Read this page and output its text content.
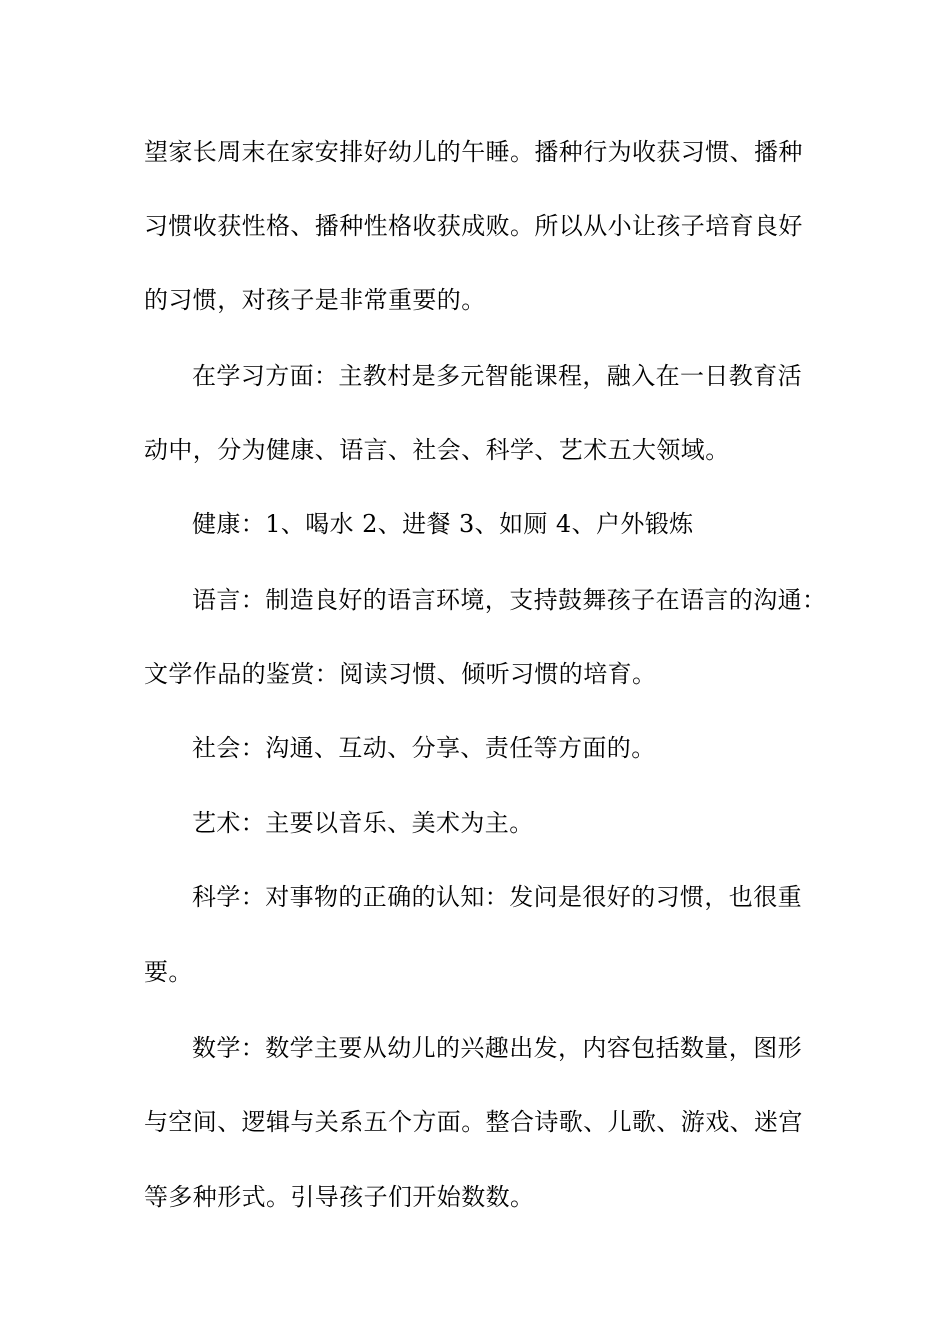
望家长周末在家安排好幼儿的午睡。播种行为收获习惯、播种
习惯收获性格、播种性格收获成败。所以从小让孩子培育良好
的习惯，对孩子是非常重要的。
在学习方面：主教村是多元智能课程，融入在一日教育活
动中，分为健康、语言、社会、科学、艺术五大领域。
健康：1、喝水 2、进餐 3、如厕 4、户外锻炼
语言：制造良好的语言环境，支持鼓舞孩子在语言的沟通：
文学作品的鉴赏：阅读习惯、倾听习惯的培育。
社会：沟通、互动、分享、责任等方面的。
艺术：主要以音乐、美术为主。
科学：对事物的正确的认知：发问是很好的习惯，也很重
要。
数学：数学主要从幼儿的兴趣出发，内容包括数量，图形
与空间、逻辑与关系五个方面。整合诗歌、儿歌、游戏、迷宫
等多种形式。引导孩子们开始数数。
